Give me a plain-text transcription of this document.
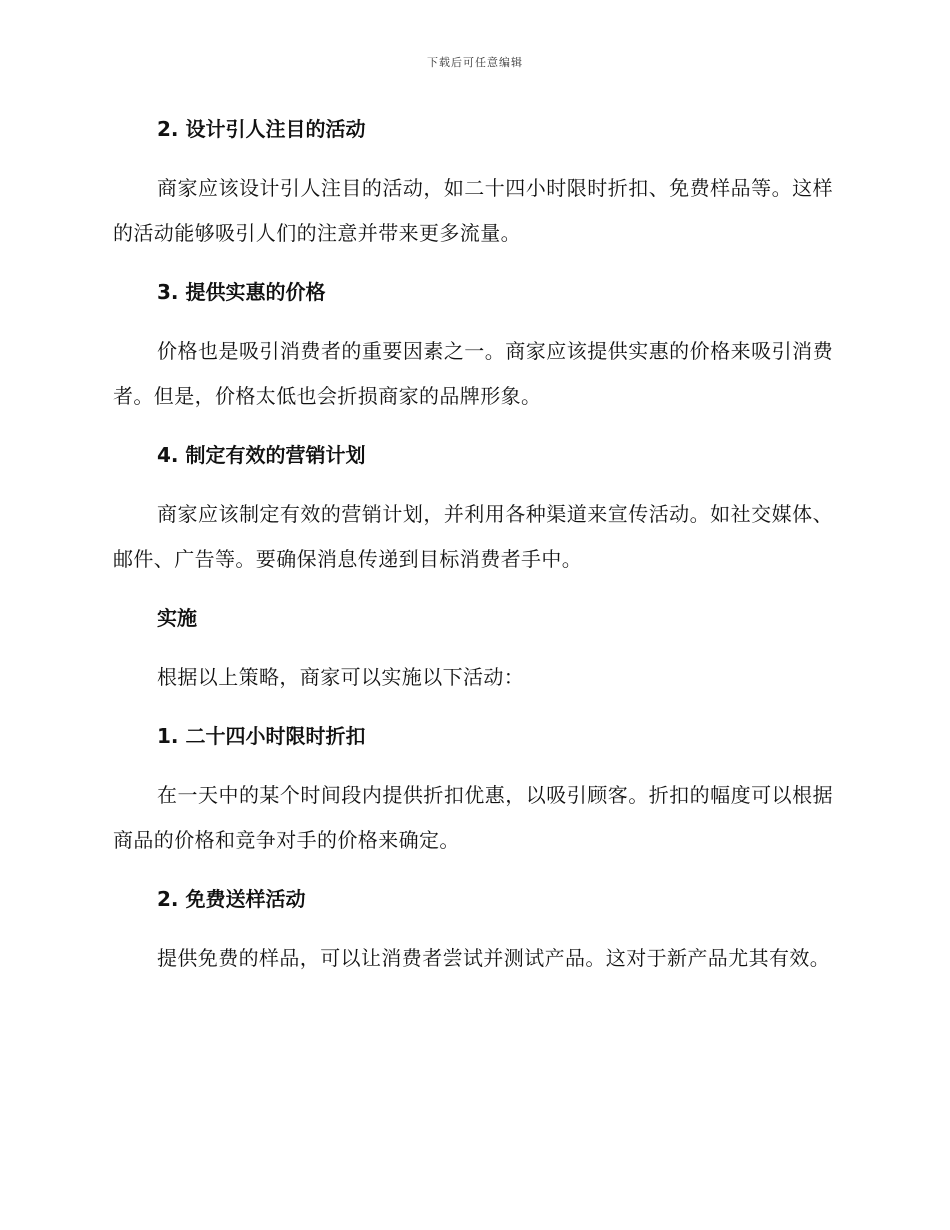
下载后可任意编辑
2. 设计引人注目的活动

商家应该设计引人注目的活动，如二十四小时限时折扣、免费样品等。这样的活动能够吸引人们的注意并带来更多流量。

3. 提供实惠的价格

价格也是吸引消费者的重要因素之一。商家应该提供实惠的价格来吸引消费者。但是，价格太低也会折损商家的品牌形象。

4. 制定有效的营销计划

商家应该制定有效的营销计划，并利用各种渠道来宣传活动。如社交媒体、邮件、广告等。要确保消息传递到目标消费者手中。

实施

根据以上策略，商家可以实施以下活动：

1. 二十四小时限时折扣

在一天中的某个时间段内提供折扣优惠，以吸引顾客。折扣的幅度可以根据商品的价格和竞争对手的价格来确定。

2. 免费送样活动

提供免费的样品，可以让消费者尝试并测试产品。这对于新产品尤其有效。
